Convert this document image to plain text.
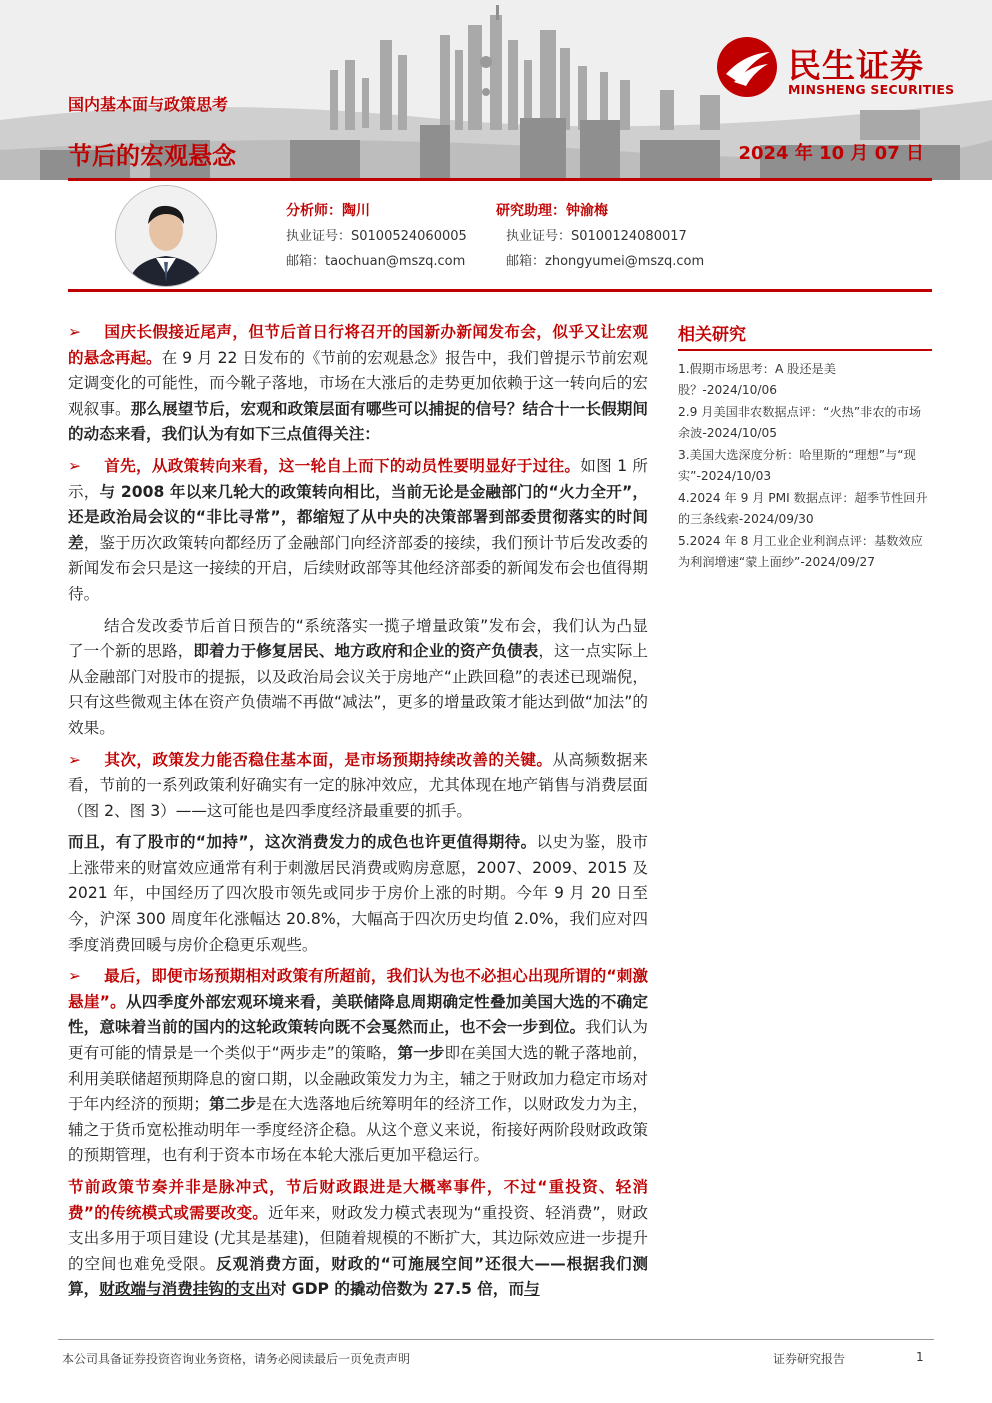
民生证券
MINSHENG SECURITIES
国内基本面与政策思考
节后的宏观悬念	2024 年 10 月 07 日
分析师：陶川
执业证号：S0100524060005
邮箱：taochuan@mszq.com
研究助理：钟渝梅
执业证号：S0100124080017
邮箱：zhongyumei@mszq.com

➢ 国庆长假接近尾声，但节后首日行将召开的国新办新闻发布会，似乎又让宏观的悬念再起。在 9 月 22 日发布的《节前的宏观悬念》报告中，我们曾提示节前宏观定调变化的可能性，而今靴子落地，市场在大涨后的走势更加依赖于这一转向后的宏观叙事。那么展望节后，宏观和政策层面有哪些可以捕捉的信号？结合十一长假期间的动态来看，我们认为有如下三点值得关注：

➢ 首先，从政策转向来看，这一轮自上而下的动员性要明显好于过往。如图 1 所示，与 2008 年以来几轮大的政策转向相比，当前无论是金融部门的“火力全开”，还是政治局会议的“非比寻常”，都缩短了从中央的决策部署到部委贯彻落实的时间差，鉴于历次政策转向都经历了金融部门向经济部委的接续，我们预计节后发改委的新闻发布会只是这一接续的开启，后续财政部等其他经济部委的新闻发布会也值得期待。

结合发改委节后首日预告的“系统落实一揽子增量政策”发布会，我们认为凸显了一个新的思路，即着力于修复居民、地方政府和企业的资产负债表，这一点实际上从金融部门对股市的提振，以及政治局会议关于房地产“止跌回稳”的表述已现端倪，只有这些微观主体在资产负债端不再做“减法”，更多的增量政策才能达到做“加法”的效果。

➢ 其次，政策发力能否稳住基本面，是市场预期持续改善的关键。从高频数据来看，节前的一系列政策利好确实有一定的脉冲效应，尤其体现在地产销售与消费层面（图 2、图 3）——这可能也是四季度经济最重要的抓手。

而且，有了股市的“加持”，这次消费发力的成色也许更值得期待。以史为鉴，股市上涨带来的财富效应通常有利于刺激居民消费或购房意愿，2007、2009、2015 及 2021 年，中国经历了四次股市领先或同步于房价上涨的时期。今年 9 月 20 日至今，沪深 300 周度年化涨幅达 20.8%，大幅高于四次历史均值 2.0%，我们应对四季度消费回暖与房价企稳更乐观些。

➢ 最后，即便市场预期相对政策有所超前，我们认为也不必担心出现所谓的“刺激悬崖”。从四季度外部宏观环境来看，美联储降息周期确定性叠加美国大选的不确定性，意味着当前的国内的这轮政策转向既不会戛然而止，也不会一步到位。我们认为更有可能的情景是一个类似于“两步走”的策略，第一步即在美国大选的靴子落地前，利用美联储超预期降息的窗口期，以金融政策发力为主，辅之于财政加力稳定市场对于年内经济的预期；第二步是在大选落地后统筹明年的经济工作，以财政发力为主，辅之于货币宽松推动明年一季度经济企稳。从这个意义来说，衔接好两阶段财政政策的预期管理，也有利于资本市场在本轮大涨后更加平稳运行。

节前政策节奏并非是脉冲式，节后财政跟进是大概率事件，不过“重投资、轻消费”的传统模式或需要改变。近年来，财政发力模式表现为“重投资、轻消费”，财政支出多用于项目建设 (尤其是基建)，但随着规模的不断扩大，其边际效应进一步提升的空间也难免受限。反观消费方面，财政的“可施展空间”还很大——根据我们测算，财政端与消费挂钩的支出对 GDP 的撬动倍数为 27.5 倍，而与

相关研究
1.假期市场思考：A 股还是美股？-2024/10/06
2.9 月美国非农数据点评：“火热”非农的市场余波-2024/10/05
3.美国大选深度分析：哈里斯的“理想”与“现实”-2024/10/03
4.2024 年 9 月 PMI 数据点评：超季节性回升的三条线索-2024/09/30
5.2024 年 8 月工业企业利润点评：基数效应为利润增速“蒙上面纱”-2024/09/27
本公司具备证券投资咨询业务资格，请务必阅读最后一页免责声明	证券研究报告	1
